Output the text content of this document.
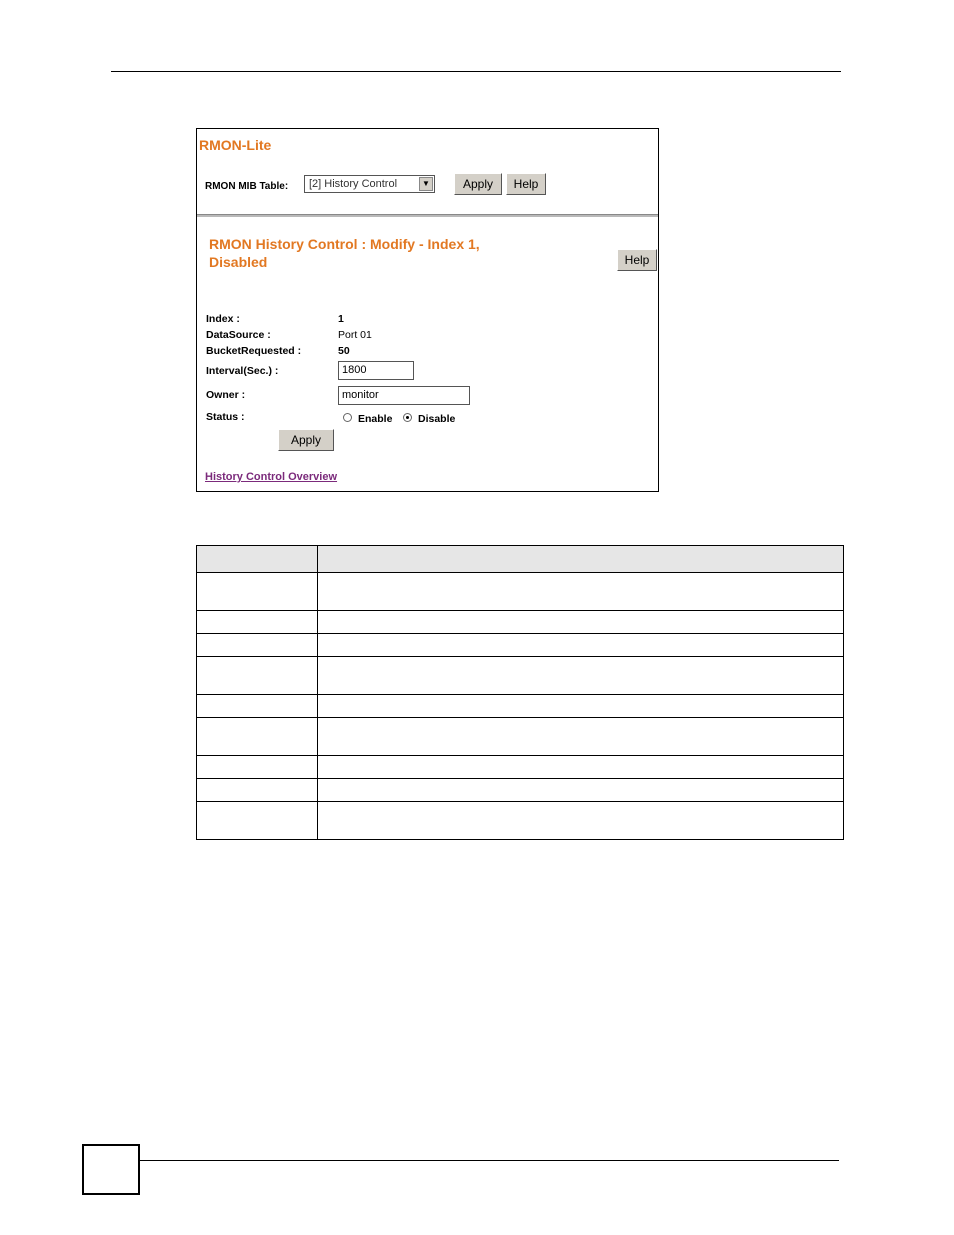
RMON-Lite
RMON MIB Table: [2] History Control	▼	Apply	Help
RMON History Control : Modify - Index 1, Disabled	Help
Index :	1
DataSource :	Port 01
BucketRequested :	50
Interval(Sec.) :	1800
Owner :	monitor
Status :	Enable Disable
Apply
History Control Overview
